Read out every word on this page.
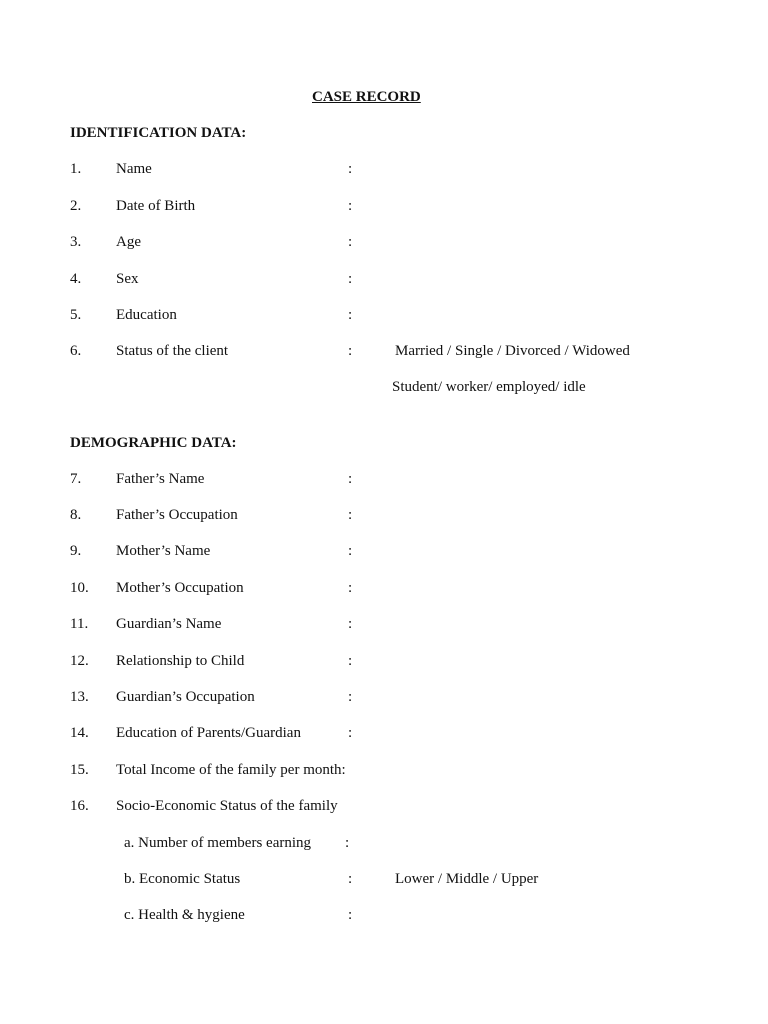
CASE RECORD
IDENTIFICATION DATA:
1. Name	:
2. Date of Birth	:
3. Age	:
4. Sex	:
5. Education	:
6. Status of the client	:	Married / Single / Divorced / Widowed
Student/ worker/ employed/ idle
DEMOGRAPHIC DATA:
7. Father’s Name	:
8. Father’s Occupation	:
9. Mother’s Name	:
10. Mother’s Occupation	:
11. Guardian’s Name	:
12. Relationship to Child	:
13. Guardian’s Occupation	:
14. Education of Parents/Guardian	:
15. Total Income of the family per month:
16. Socio-Economic Status of the family
a. Number of members earning :
b. Economic Status	:	Lower / Middle / Upper
c. Health & hygiene	:
